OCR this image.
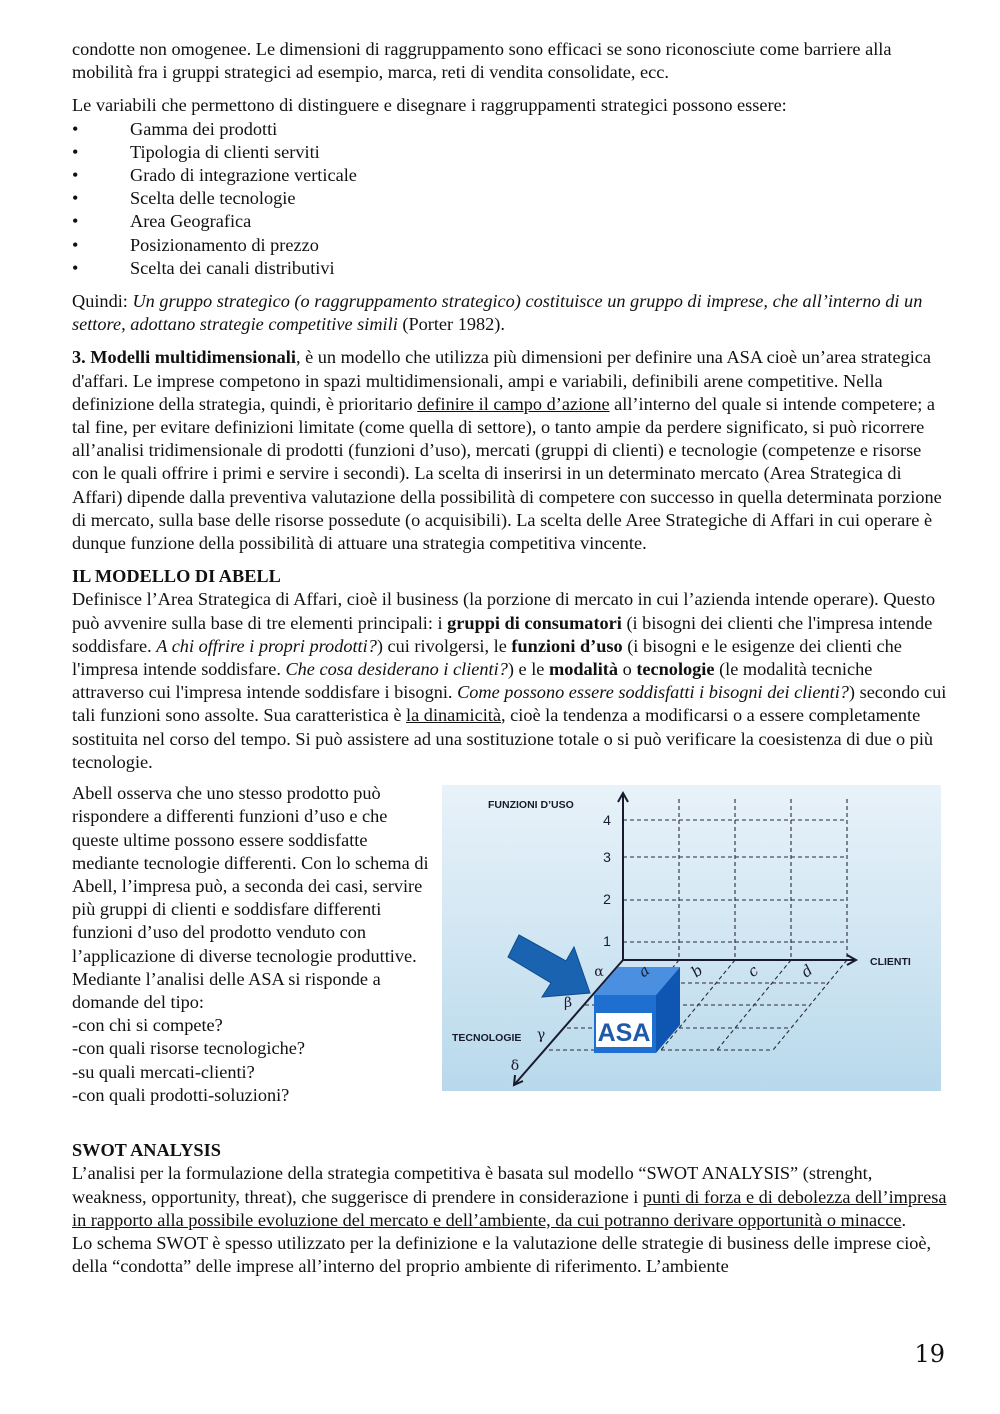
condotte non omogenee. Le dimensioni di raggruppamento sono efficaci se sono riconosciute come barriere alla mobilità fra i gruppi strategici ad esempio, marca, reti di vendita consolidate, ecc.

Le variabili che permettono di distinguere e disegnare i raggruppamenti strategici possono essere:

•	Gamma dei prodotti
•	Tipologia di clienti serviti
•	Grado di integrazione verticale
•	Scelta delle tecnologie
•	Area Geografica
•	Posizionamento di prezzo
•	Scelta dei canali distributivi

Quindi: Un gruppo strategico (o raggruppamento strategico) costituisce un gruppo di imprese, che all’interno di un settore, adottano strategie competitive simili (Porter 1982).

3. Modelli multidimensionali, è un modello che utilizza più dimensioni per definire una ASA cioè un’area strategica d'affari. Le imprese competono in spazi multidimensionali, ampi e variabili, definibili arene competitive. Nella definizione della strategia, quindi, è prioritario definire il campo d’azione all’interno del quale si intende competere; a tal fine, per evitare definizioni limitate (come quella di settore), o tanto ampie da perdere significato, si può ricorrere all’analisi tridimensionale di prodotti (funzioni d’uso), mercati (gruppi di clienti) e tecnologie (competenze e risorse con le quali offrire i primi e servire i secondi). La scelta di inserirsi in un determinato mercato (Area Strategica di Affari) dipende dalla preventiva valutazione della possibilità di competere con successo in quella determinata porzione di mercato, sulla base delle risorse possedute (o acquisibili). La scelta delle Aree Strategiche di Affari in cui operare è dunque funzione della possibilità di attuare una strategia competitiva vincente.

IL MODELLO DI ABELL

Definisce l’Area Strategica di Affari, cioè il business (la porzione di mercato in cui l’azienda intende operare). Questo può avvenire sulla base di tre elementi principali: i gruppi di consumatori (i bisogni dei clienti che l'impresa intende soddisfare. A chi offrire i propri prodotti?) cui rivolgersi, le funzioni d’uso (i bisogni e le esigenze dei clienti che l'impresa intende soddisfare. Che cosa desiderano i clienti?) e le modalità o tecnologie (le modalità tecniche attraverso cui l'impresa intende soddisfare i bisogni. Come possono essere soddisfatti i bisogni dei clienti?) secondo cui tali funzioni sono assolte. Sua caratteristica è la dinamicità, cioè la tendenza a modificarsi o a essere completamente sostituita nel corso del tempo. Si può assistere ad una sostituzione totale o si può verificare la coesistenza di due o più tecnologie.

Abell osserva che uno stesso prodotto può rispondere a differenti funzioni d’uso e che queste ultime possono essere soddisfatte mediante tecnologie differenti. Con lo schema di Abell, l’impresa può, a seconda dei casi, servire più gruppi di clienti e soddisfare differenti funzioni d’uso del prodotto venduto con l’applicazione di diverse tecnologie produttive. Mediante l’analisi delle ASA si risponde a domande del tipo:

-con chi si compete?

-con quali risorse tecnologiche?

-su quali mercati-clienti?

-con quali prodotti-soluzioni?

ASA
FUNZIONI D’USO
CLIENTI
TECNOLOGIE
1
2
3
4
a b	c d
α
β
γ
δ

SWOT ANALYSIS

L’analisi per la formulazione della strategia competitiva è basata sul modello “SWOT ANALYSIS” (strenght, weakness, opportunity, threat), che suggerisce di prendere in considerazione i punti di forza e di debolezza dell’impresa in rapporto alla possibile evoluzione del mercato e dell’ambiente, da cui potranno derivare opportunità o minacce.

Lo schema SWOT è spesso utilizzato per la definizione e la valutazione delle strategie di business delle imprese cioè, della “condotta” delle imprese all’interno del proprio ambiente di riferimento. L’ambiente

19
